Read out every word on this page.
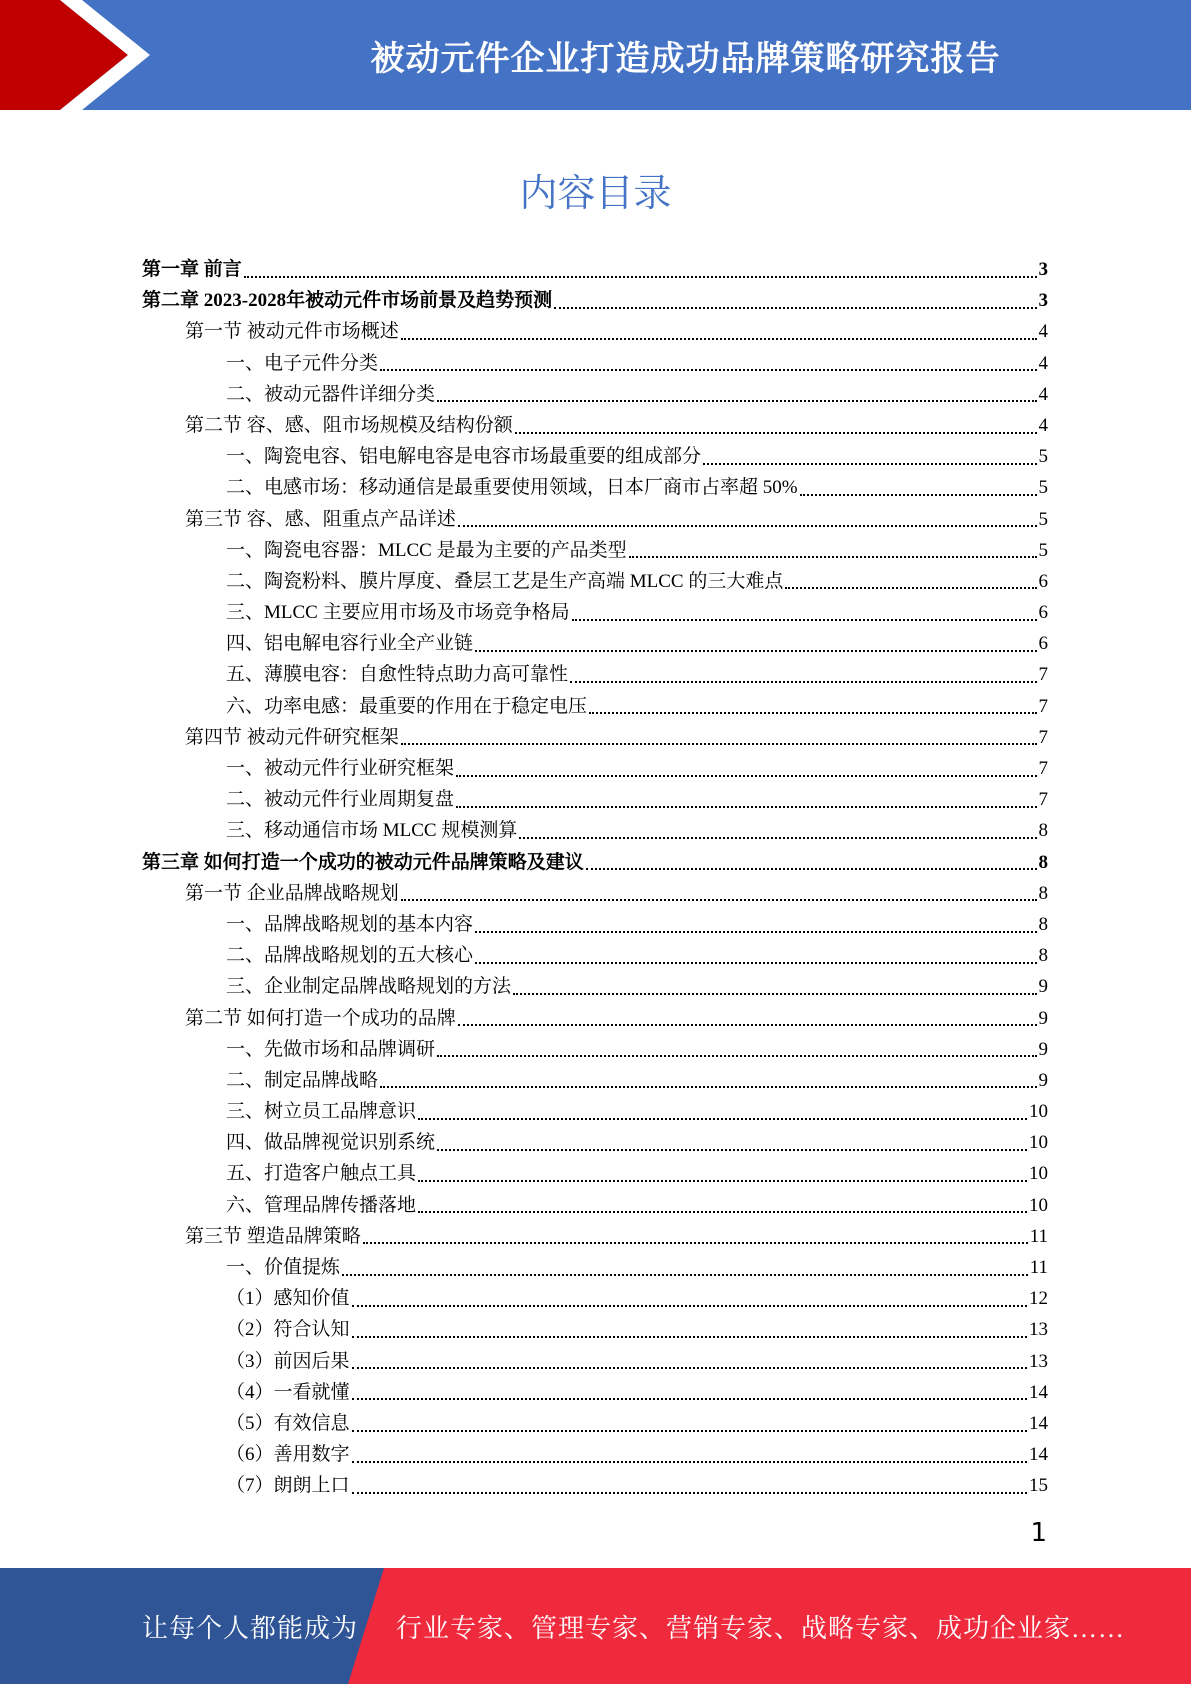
被动元件企业打造成功品牌策略研究报告
内容目录
第一章 前言	3
第二章 2023-2028年被动元件市场前景及趋势预测	3
第一节 被动元件市场概述	4
一、电子元件分类	4
二、被动元器件详细分类	4
第二节 容、感、阻市场规模及结构份额	4
一、陶瓷电容、铝电解电容是电容市场最重要的组成部分	5
二、电感市场：移动通信是最重要使用领域，日本厂商市占率超 50%	5
第三节 容、感、阻重点产品详述	5
一、陶瓷电容器：MLCC 是最为主要的产品类型	5
二、陶瓷粉料、膜片厚度、叠层工艺是生产高端 MLCC 的三大难点	6
三、MLCC 主要应用市场及市场竞争格局	6
四、铝电解电容行业全产业链	6
五、薄膜电容：自愈性特点助力高可靠性	7
六、功率电感：最重要的作用在于稳定电压	7
第四节 被动元件研究框架	7
一、被动元件行业研究框架	7
二、被动元件行业周期复盘	7
三、移动通信市场 MLCC 规模测算	8
第三章 如何打造一个成功的被动元件品牌策略及建议	8
第一节 企业品牌战略规划	8
一、品牌战略规划的基本内容	8
二、品牌战略规划的五大核心	8
三、企业制定品牌战略规划的方法	9
第二节 如何打造一个成功的品牌	9
一、先做市场和品牌调研	9
二、制定品牌战略	9
三、树立员工品牌意识	10
四、做品牌视觉识别系统	10
五、打造客户触点工具	10
六、管理品牌传播落地	10
第三节 塑造品牌策略	11
一、价值提炼	11
（1）感知价值	12
（2）符合认知	13
（3）前因后果	13
（4）一看就懂	14
（5）有效信息	14
（6）善用数字	14
（7）朗朗上口	15
1
让每个人都能成为 行业专家、管理专家、营销专家、战略专家、成功企业家……
